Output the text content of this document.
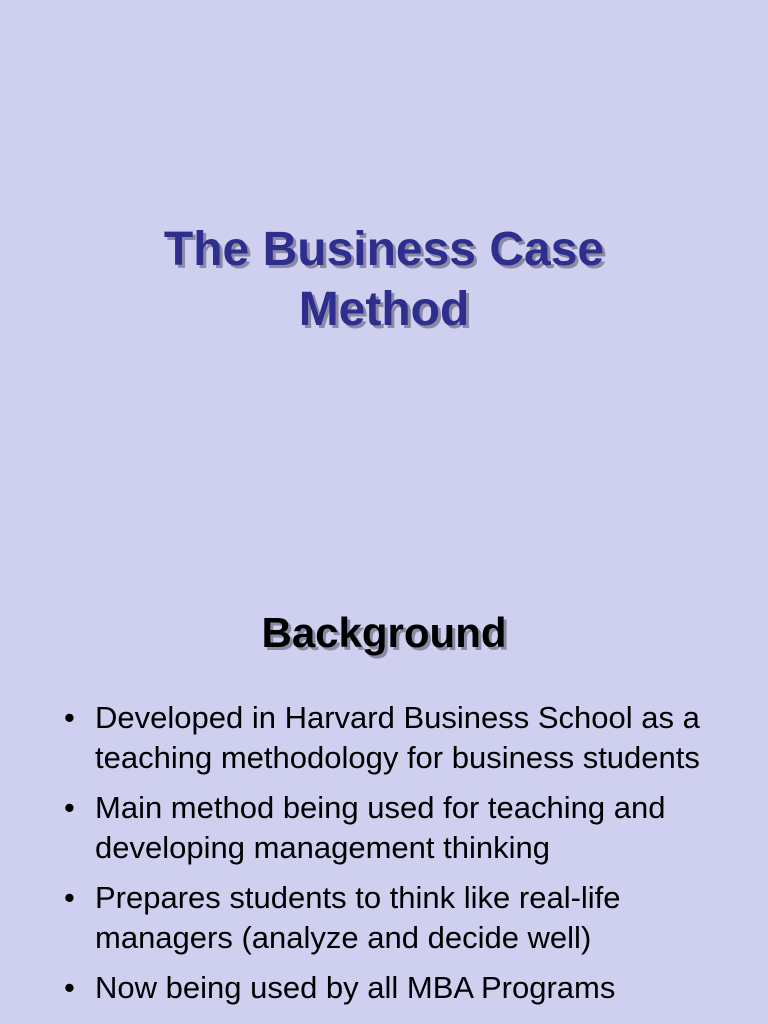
The Business Case
Method
Background
• Developed in Harvard Business School as a teaching methodology for business students
• Main method being used for teaching and developing management thinking
• Prepares students to think like real-life managers (analyze and decide well)
• Now being used by all MBA Programs
